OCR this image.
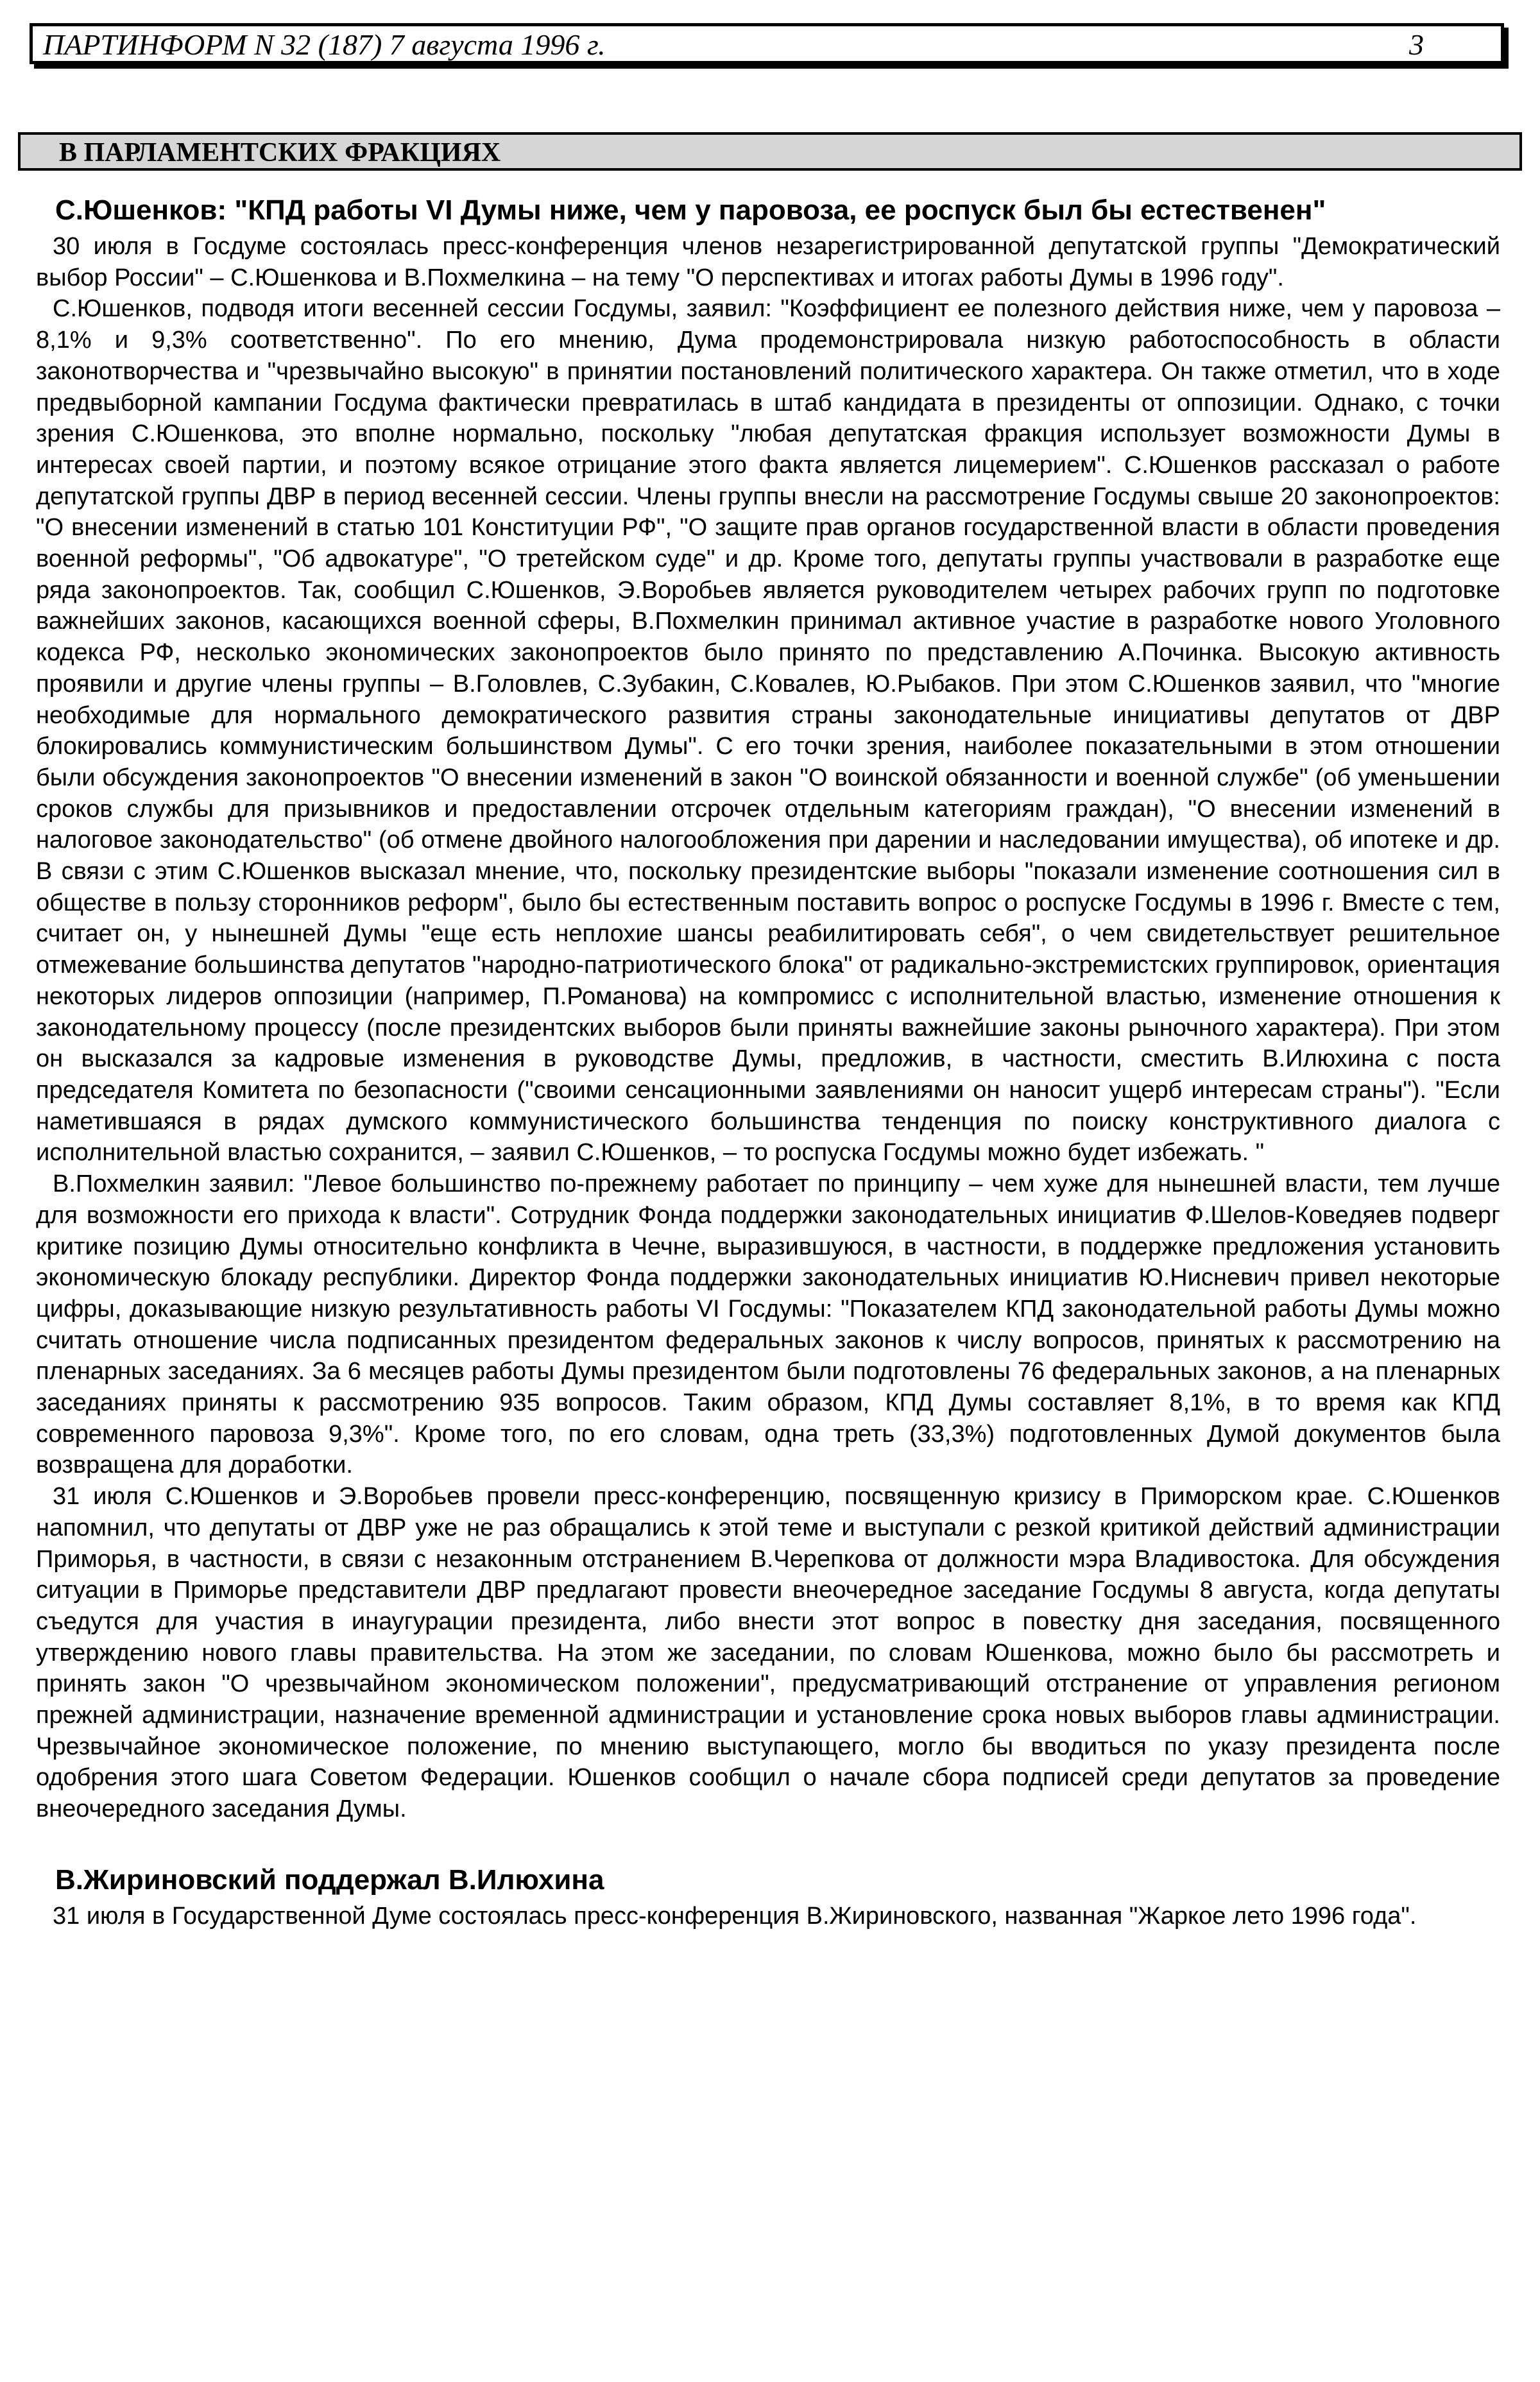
ПАРТИНФОРМ N 32 (187) 7 августа 1996 г.	3
В ПАРЛАМЕНТСКИХ ФРАКЦИЯХ
С.Юшенков: "КПД работы VI Думы ниже, чем у паровоза, ее роспуск был бы естественен"

30 июля в Госдуме состоялась пресс-конференция членов незарегистрированной депутатской группы "Демократический выбор России" – С.Юшенкова и В.Похмелкина – на тему "О перспективах и итогах работы Думы в 1996 году".

С.Юшенков, подводя итоги весенней сессии Госдумы, заявил: "Коэффициент ее полезного действия ниже, чем у паровоза – 8,1% и 9,3% соответственно". По его мнению, Дума продемонстрировала низкую работоспособность в области законотворчества и "чрезвычайно высокую" в принятии постановлений политического характера. Он также отметил, что в ходе предвыборной кампании Госдума фактически превратилась в штаб кандидата в президенты от оппозиции. Однако, с точки зрения С.Юшенкова, это вполне нормально, поскольку "любая депутатская фракция использует возможности Думы в интересах своей партии, и поэтому всякое отрицание этого факта является лицемерием". С.Юшенков рассказал о работе депутатской группы ДВР в период весенней сессии. Члены группы внесли на рассмотрение Госдумы свыше 20 законопроектов: "О внесении изменений в статью 101 Конституции РФ", "О защите прав органов государственной власти в области проведения военной реформы", "Об адвокатуре", "О третейском суде" и др. Кроме того, депутаты группы участвовали в разработке еще ряда законопроектов. Так, сообщил С.Юшенков, Э.Воробьев является руководителем четырех рабочих групп по подготовке важнейших законов, касающихся военной сферы, В.Похмелкин принимал активное участие в разработке нового Уголовного кодекса РФ, несколько экономических законопроектов было принято по представлению А.Починка. Высокую активность проявили и другие члены группы – В.Головлев, С.Зубакин, С.Ковалев, Ю.Рыбаков. При этом С.Юшенков заявил, что "многие необходимые для нормального демократического развития страны законодательные инициативы депутатов от ДВР блокировались коммунистическим большинством Думы". С его точки зрения, наиболее показательными в этом отношении были обсуждения законопроектов "О внесении изменений в закон "О воинской обязанности и военной службе" (об уменьшении сроков службы для призывников и предоставлении отсрочек отдельным категориям граждан), "О внесении изменений в налоговое законодательство" (об отмене двойного налогообложения при дарении и наследовании имущества), об ипотеке и др. В связи с этим С.Юшенков высказал мнение, что, поскольку президентские выборы "показали изменение соотношения сил в обществе в пользу сторонников реформ", было бы естественным поставить вопрос о роспуске Госдумы в 1996 г. Вместе с тем, считает он, у нынешней Думы "еще есть неплохие шансы реабилитировать себя", о чем свидетельствует решительное отмежевание большинства депутатов "народно-патриотического блока" от радикально-экстремистских группировок, ориентация некоторых лидеров оппозиции (например, П.Романова) на компромисс с исполнительной властью, изменение отношения к законодательному процессу (после президентских выборов были приняты важнейшие законы рыночного характера). При этом он высказался за кадровые изменения в руководстве Думы, предложив, в частности, сместить В.Илюхина с поста председателя Комитета по безопасности ("своими сенсационными заявлениями он наносит ущерб интересам страны"). "Если наметившаяся в рядах думского коммунистического большинства тенденция по поиску конструктивного диалога с исполнительной властью сохранится, – заявил С.Юшенков, – то роспуска Госдумы можно будет избежать. "

В.Похмелкин заявил: "Левое большинство по-прежнему работает по принципу – чем хуже для нынешней власти, тем лучше для возможности его прихода к власти". Сотрудник Фонда поддержки законодательных инициатив Ф.Шелов-Коведяев подверг критике позицию Думы относительно конфликта в Чечне, выразившуюся, в частности, в поддержке предложения установить экономическую блокаду республики. Директор Фонда поддержки законодательных инициатив Ю.Нисневич привел некоторые цифры, доказывающие низкую результативность работы VI Госдумы: "Показателем КПД законодательной работы Думы можно считать отношение числа подписанных президентом федеральных законов к числу вопросов, принятых к рассмотрению на пленарных заседаниях. За 6 месяцев работы Думы президентом были подготовлены 76 федеральных законов, а на пленарных заседаниях приняты к рассмотрению 935 вопросов. Таким образом, КПД Думы составляет 8,1%, в то время как КПД современного паровоза 9,3%". Кроме того, по его словам, одна треть (33,3%) подготовленных Думой документов была возвращена для доработки.

31 июля С.Юшенков и Э.Воробьев провели пресс-конференцию, посвященную кризису в Приморском крае. С.Юшенков напомнил, что депутаты от ДВР уже не раз обращались к этой теме и выступали с резкой критикой действий администрации Приморья, в частности, в связи с незаконным отстранением В.Черепкова от должности мэра Владивостока. Для обсуждения ситуации в Приморье представители ДВР предлагают провести внеочередное заседание Госдумы 8 августа, когда депутаты съедутся для участия в инаугурации президента, либо внести этот вопрос в повестку дня заседания, посвященного утверждению нового главы правительства. На этом же заседании, по словам Юшенкова, можно было бы рассмотреть и принять закон "О чрезвычайном экономическом положении", предусматривающий отстранение от управления регионом прежней администрации, назначение временной администрации и установление срока новых выборов главы администрации. Чрезвычайное экономическое положение, по мнению выступающего, могло бы вводиться по указу президента после одобрения этого шага Советом Федерации. Юшенков сообщил о начале сбора подписей среди депутатов за проведение внеочередного заседания Думы.

В.Жириновский поддержал В.Илюхина

31 июля в Государственной Думе состоялась пресс-конференция В.Жириновского, названная "Жаркое лето 1996 года".
